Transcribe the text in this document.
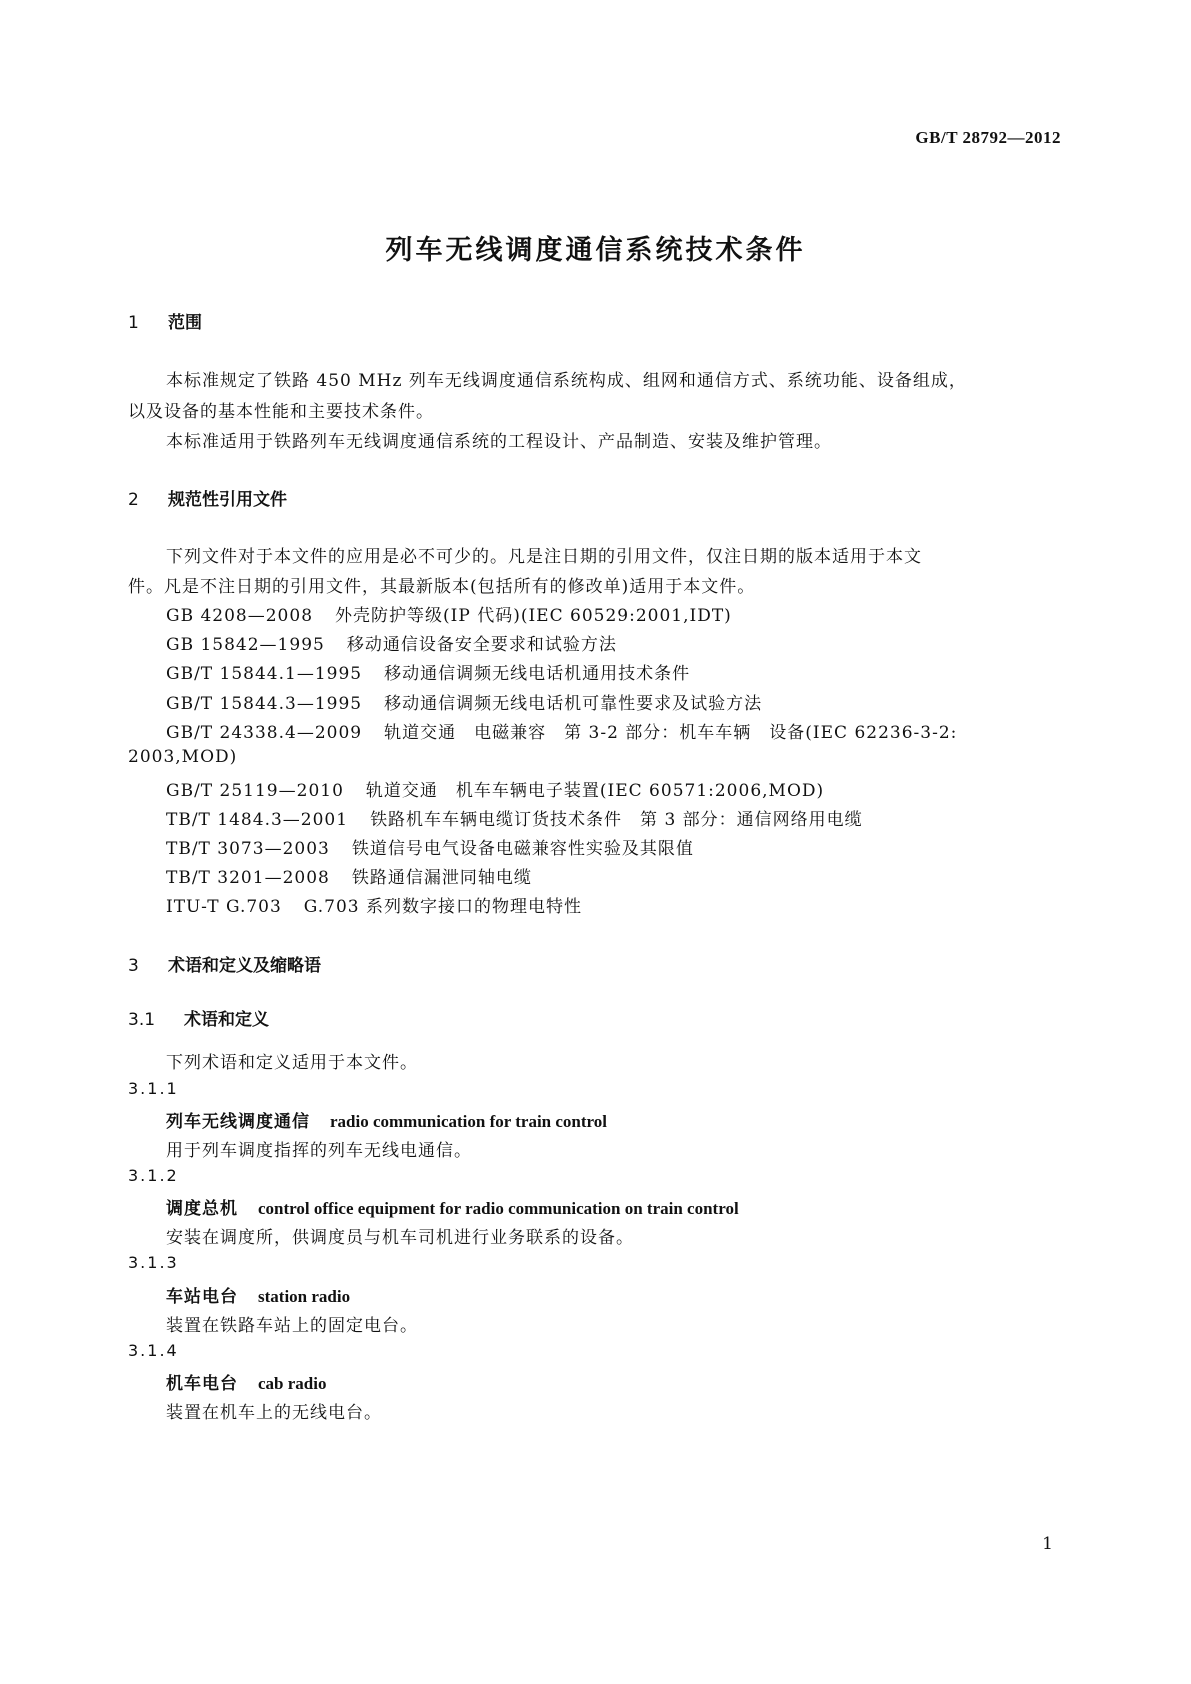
GB/T 28792—2012
列车无线调度通信系统技术条件
1 范围
本标准规定了铁路 450 MHz 列车无线调度通信系统构成、组网和通信方式、系统功能、设备组成，
以及设备的基本性能和主要技术条件。
本标准适用于铁路列车无线调度通信系统的工程设计、产品制造、安装及维护管理。
2 规范性引用文件
下列文件对于本文件的应用是必不可少的。凡是注日期的引用文件，仅注日期的版本适用于本文
件。凡是不注日期的引用文件，其最新版本(包括所有的修改单)适用于本文件。
GB 4208—2008 外壳防护等级(IP 代码)(IEC 60529:2001,IDT)
GB 15842—1995 移动通信设备安全要求和试验方法
GB/T 15844.1—1995 移动通信调频无线电话机通用技术条件
GB/T 15844.3—1995 移动通信调频无线电话机可靠性要求及试验方法
GB/T 24338.4—2009 轨道交通　电磁兼容　第 3-2 部分：机车车辆　设备(IEC 62236-3-2:
2003,MOD)
GB/T 25119—2010 轨道交通　机车车辆电子装置(IEC 60571:2006,MOD)
TB/T 1484.3—2001 铁路机车车辆电缆订货技术条件　第 3 部分：通信网络用电缆
TB/T 3073—2003 铁道信号电气设备电磁兼容性实验及其限值
TB/T 3201—2008 铁路通信漏泄同轴电缆
ITU-T G.703 G.703 系列数字接口的物理电特性
3 术语和定义及缩略语
3.1 术语和定义
下列术语和定义适用于本文件。
3.1.1
列车无线调度通信 radio communication for train control
用于列车调度指挥的列车无线电通信。
3.1.2
调度总机 control office equipment for radio communication on train control
安装在调度所，供调度员与机车司机进行业务联系的设备。
3.1.3
车站电台 station radio
装置在铁路车站上的固定电台。
3.1.4
机车电台 cab radio
装置在机车上的无线电台。
1
